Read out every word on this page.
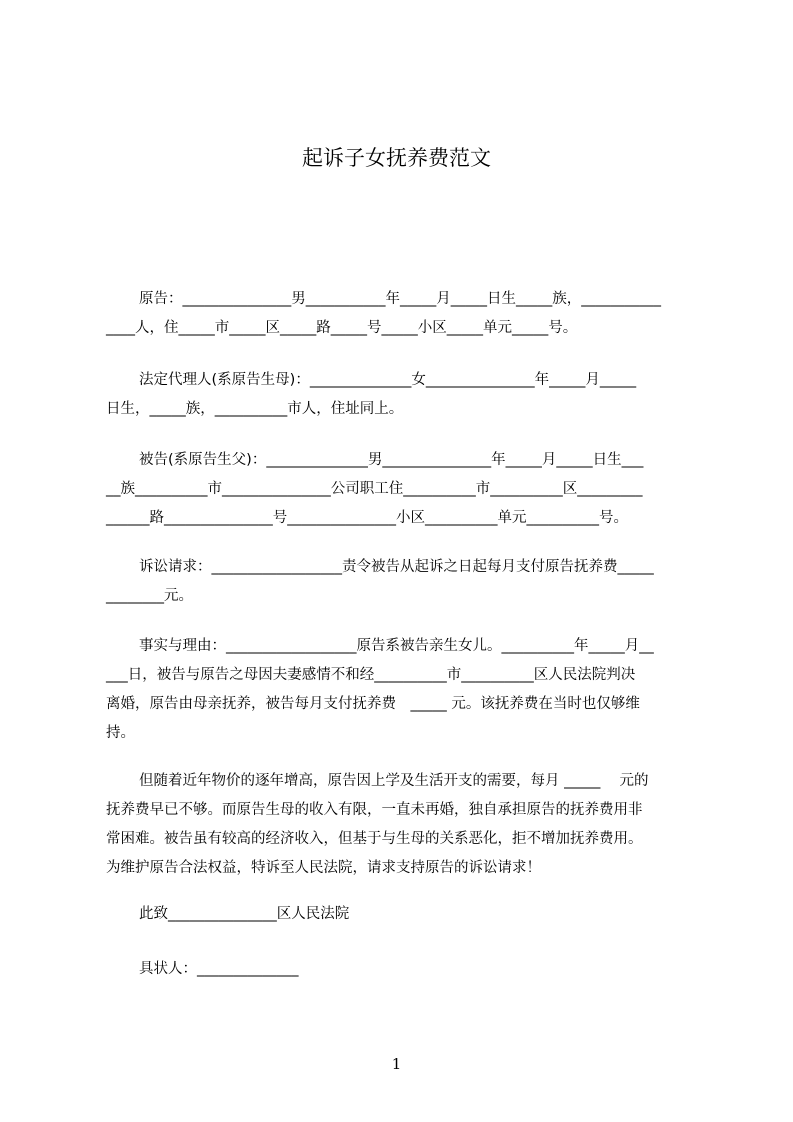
起诉子女抚养费范文
原告：_______________男___________年_____月_____日生_____族，___________
____人，住_____市_____区_____路_____号_____小区_____单元_____号。
法定代理人(系原告生母)：______________女_______________年_____月_____
日生，_____族，__________市人，住址同上。
被告(系原告生父)：______________男_______________年_____月_____日生___
__族__________市_______________公司职工住__________市__________区_________
______路_______________号_______________小区__________单元__________号。
诉讼请求：__________________责令被告从起诉之日起每月支付原告抚养费_____
________元。
事实与理由：__________________原告系被告亲生女儿。__________年_____月__
___日，被告与原告之母因夫妻感情不和经__________市__________区人民法院判决
离婚，原告由母亲抚养，被告每月支付抚养费　_____ 元。该抚养费在当时也仅够维
持。
但随着近年物价的逐年增高，原告因上学及生活开支的需要，每月 _____　 元的
抚养费早已不够。而原告生母的收入有限，一直未再婚，独自承担原告的抚养费用非
常困难。被告虽有较高的经济收入，但基于与生母的关系恶化，拒不增加抚养费用。
为维护原告合法权益，特诉至人民法院，请求支持原告的诉讼请求！
此致_______________区人民法院
具状人：______________
1
